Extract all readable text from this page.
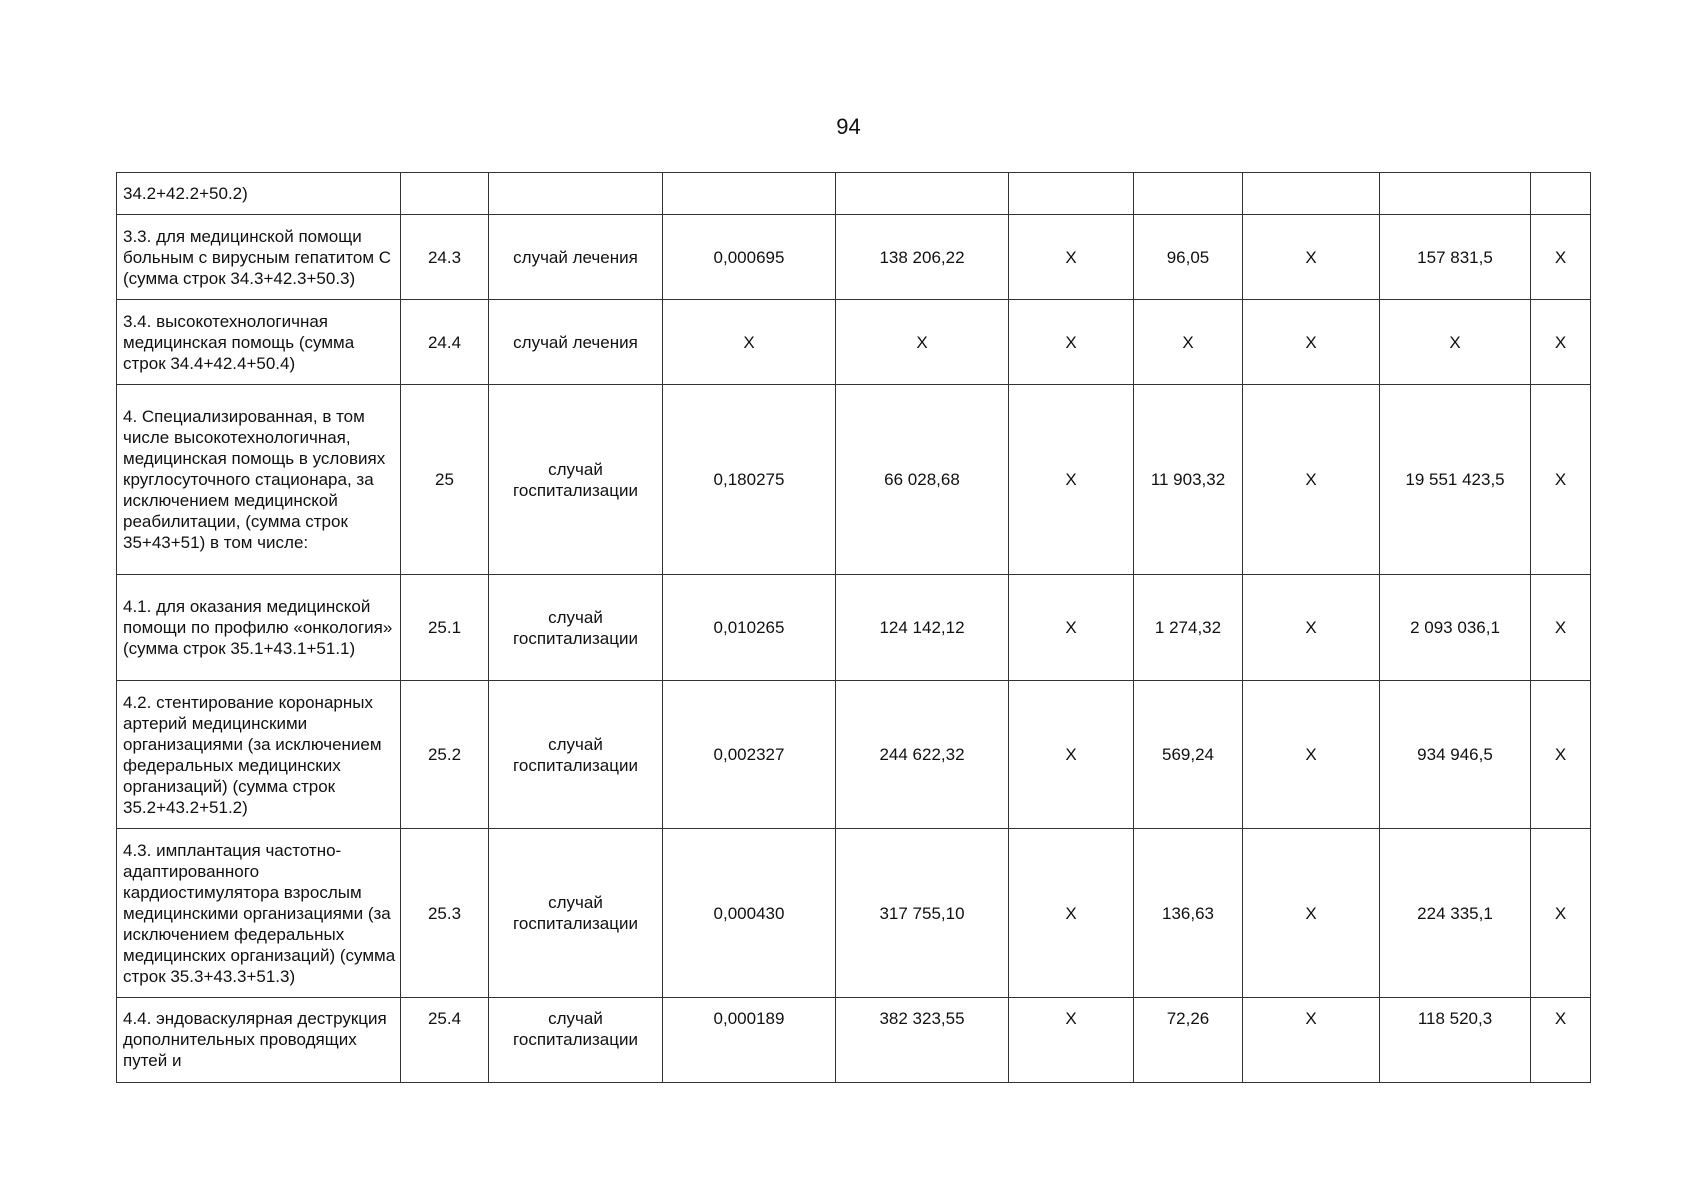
94
34.2+42.2+50.2)									
3.3. для медицинской помощи больным с вирусным гепатитом С (сумма строк 34.3+42.3+50.3)	24.3	случай лечения	0,000695	138 206,22	X	96,05	X	157 831,5	X
3.4. высокотехнологичная медицинская помощь (сумма строк 34.4+42.4+50.4)	24.4	случай лечения	X	X	X	X	X	X	X
4. Специализированная, в том числе высокотехнологичная, медицинская помощь в условиях круглосуточного стационара, за исключением медицинской реабилитации, (сумма строк 35+43+51) в том числе:	25	случай госпитализации	0,180275	66 028,68	X	11 903,32	X	19 551 423,5	X
4.1. для оказания медицинской помощи по профилю «онкология» (сумма строк 35.1+43.1+51.1)	25.1	случай госпитализации	0,010265	124 142,12	X	1 274,32	X	2 093 036,1	X
4.2. стентирование коронарных артерий медицинскими организациями (за исключением федеральных медицинских организаций) (сумма строк 35.2+43.2+51.2)	25.2	случай госпитализации	0,002327	244 622,32	X	569,24	X	934 946,5	X
4.3. имплантация частотно-адаптированного кардиостимулятора взрослым медицинскими организациями (за исключением федеральных медицинских организаций) (сумма строк 35.3+43.3+51.3)	25.3	случай госпитализации	0,000430	317 755,10	X	136,63	X	224 335,1	X
4.4. эндоваскулярная деструкция дополнительных проводящих путей и	25.4	случай госпитализации	0,000189	382 323,55	X	72,26	X	118 520,3	X
